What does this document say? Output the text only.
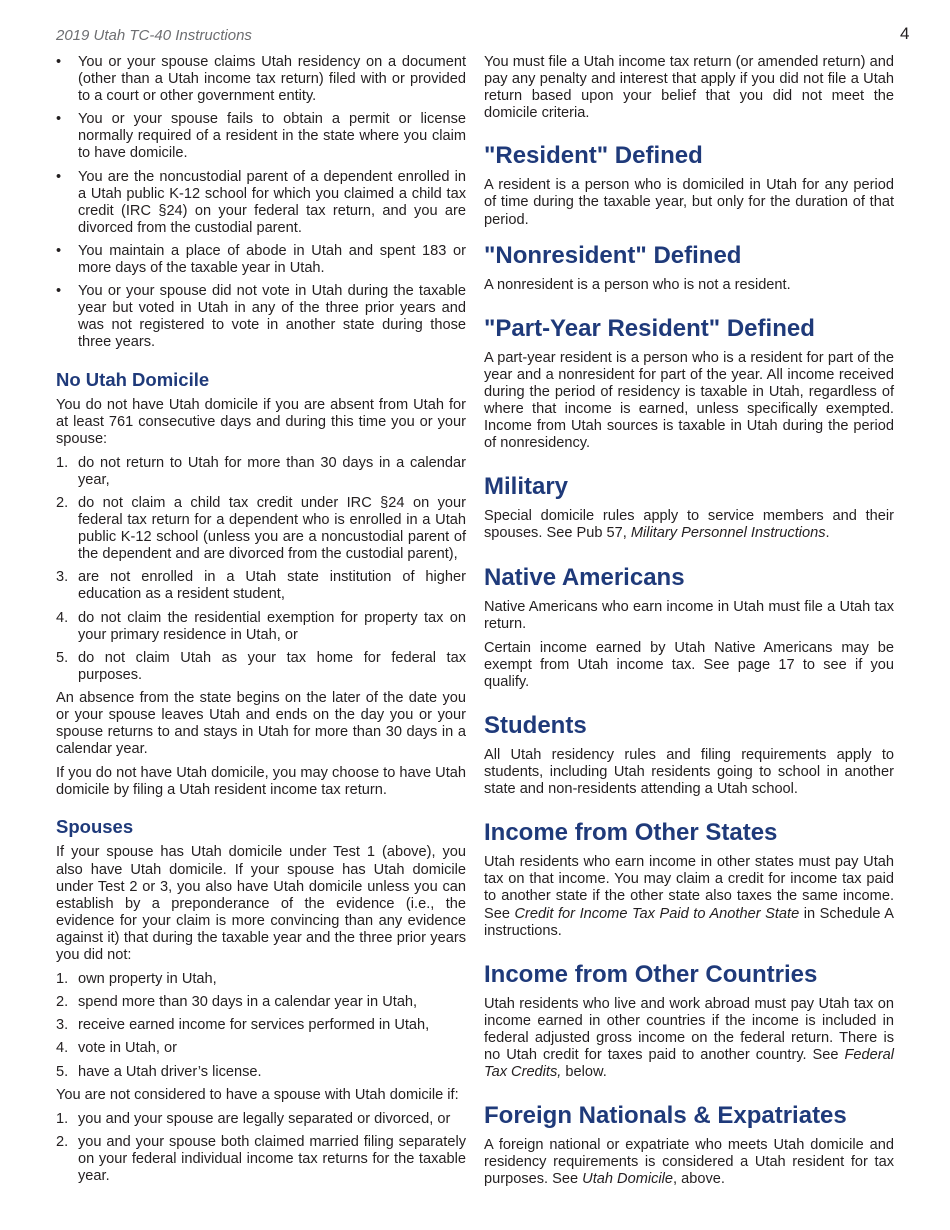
2019 Utah TC-40 Instructions	4
• You or your spouse claims Utah residency on a document (other than a Utah income tax return) filed with or provided to a court or other government entity.
• You or your spouse fails to obtain a permit or license normally required of a resident in the state where you claim to have domicile.
• You are the noncustodial parent of a dependent enrolled in a Utah public K-12 school for which you claimed a child tax credit (IRC §24) on your federal tax return, and you are divorced from the custodial parent.
• You maintain a place of abode in Utah and spent 183 or more days of the taxable year in Utah.
• You or your spouse did not vote in Utah during the taxable year but voted in Utah in any of the three prior years and was not registered to vote in another state during those three years.
No Utah Domicile

You do not have Utah domicile if you are absent from Utah for at least 761 consecutive days and during this time you or your spouse:

1. do not return to Utah for more than 30 days in a calendar year,
2. do not claim a child tax credit under IRC §24 on your federal tax return for a dependent who is enrolled in a Utah public K-12 school (unless you are a noncustodial parent of the dependent and are divorced from the custodial parent),
3. are not enrolled in a Utah state institution of higher education as a resident student,
4. do not claim the residential exemption for property tax on your primary residence in Utah, or
5. do not claim Utah as your tax home for federal tax purposes.

An absence from the state begins on the later of the date you or your spouse leaves Utah and ends on the day you or your spouse returns to and stays in Utah for more than 30 days in a calendar year.

If you do not have Utah domicile, you may choose to have Utah domicile by filing a Utah resident income tax return.

Spouses

If your spouse has Utah domicile under Test 1 (above), you also have Utah domicile. If your spouse has Utah domicile under Test 2 or 3, you also have Utah domicile unless you can establish by a preponderance of the evidence (i.e., the evidence for your claim is more convincing than any evidence against it) that during the taxable year and the three prior years you did not:

1. own property in Utah,
2. spend more than 30 days in a calendar year in Utah,
3. receive earned income for services performed in Utah,
4. vote in Utah, or
5. have a Utah driver’s license.

You are not considered to have a spouse with Utah domicile if:

1. you and your spouse are legally separated or divorced, or
2. you and your spouse both claimed married filing separately on your federal individual income tax returns for the taxable year.

You must file a Utah income tax return (or amended return) and pay any penalty and interest that apply if you did not file a Utah return based upon your belief that you did not meet the domicile criteria.

"Resident" Defined

A resident is a person who is domiciled in Utah for any period of time during the taxable year, but only for the duration of that period.

"Nonresident" Defined

A nonresident is a person who is not a resident.

"Part-Year Resident" Defined

A part-year resident is a person who is a resident for part of the year and a nonresident for part of the year. All income received during the period of residency is taxable in Utah, regardless of where that income is earned, unless specifically exempted. Income from Utah sources is taxable in Utah during the period of nonresidency.

Military

Special domicile rules apply to service members and their spouses. See Pub 57, Military Personnel Instructions.

Native Americans

Native Americans who earn income in Utah must file a Utah tax return.

Certain income earned by Utah Native Americans may be exempt from Utah income tax. See page 17 to see if you qualify.

Students

All Utah residency rules and filing requirements apply to students, including Utah residents going to school in another state and non-residents attending a Utah school.

Income from Other States

Utah residents who earn income in other states must pay Utah tax on that income. You may claim a credit for income tax paid to another state if the other state also taxes the same income. See Credit for Income Tax Paid to Another State in Schedule A instructions.

Income from Other Countries

Utah residents who live and work abroad must pay Utah tax on income earned in other countries if the income is included in federal adjusted gross income on the federal return. There is no Utah credit for taxes paid to another country. See Federal Tax Credits, below.

Foreign Nationals & Expatriates

A foreign national or expatriate who meets Utah domicile and residency requirements is considered a Utah resident for tax purposes. See Utah Domicile, above.
